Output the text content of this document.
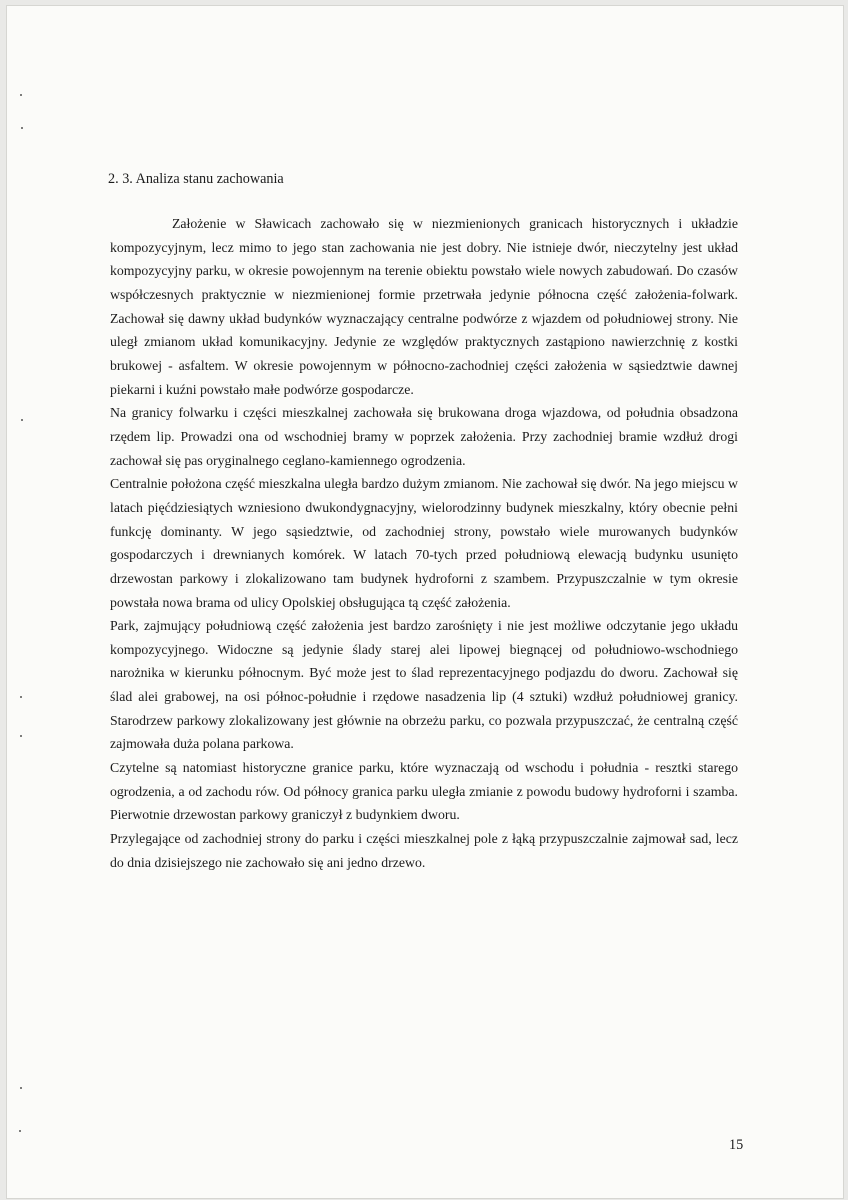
2. 3. Analiza stanu zachowania

Założenie w Sławicach zachowało się w niezmienionych granicach historycznych i układzie kompozycyjnym, lecz mimo to jego stan zachowania nie jest dobry. Nie istnieje dwór, nieczytelny jest układ kompozycyjny parku, w okresie powojennym na terenie obiektu powstało wiele nowych zabudowań. Do czasów współczesnych praktycznie w niezmienionej formie przetrwała jedynie północna część założenia-folwark. Zachował się dawny układ budynków wyznaczający centralne podwórze z wjazdem od południowej strony. Nie uległ zmianom układ komunikacyjny. Jedynie ze względów praktycznych zastąpiono nawierzchnię z kostki brukowej - asfaltem. W okresie powojennym w północno-zachodniej części założenia w sąsiedztwie dawnej piekarni i kuźni powstało małe podwórze gospodarcze.

Na granicy folwarku i części mieszkalnej zachowała się brukowana droga wjazdowa, od południa obsadzona rzędem lip. Prowadzi ona od wschodniej bramy w poprzek założenia. Przy zachodniej bramie wzdłuż drogi zachował się pas oryginalnego ceglano-kamiennego ogrodzenia.

Centralnie położona część mieszkalna uległa bardzo dużym zmianom. Nie zachował się dwór. Na jego miejscu w latach pięćdziesiątych wzniesiono dwukondygnacyjny, wielorodzinny budynek mieszkalny, który obecnie pełni funkcję dominanty. W jego sąsiedztwie, od zachodniej strony, powstało wiele murowanych budynków gospodarczych i drewnianych komórek. W latach 70-tych przed południową elewacją budynku usunięto drzewostan parkowy i zlokalizowano tam budynek hydroforni z szambem. Przypuszczalnie w tym okresie powstała nowa brama od ulicy Opolskiej obsługująca tą część założenia.

Park, zajmujący południową część założenia jest bardzo zarośnięty i nie jest możliwe odczytanie jego układu kompozycyjnego. Widoczne są jedynie ślady starej alei lipowej biegnącej od południowo-wschodniego narożnika w kierunku północnym. Być może jest to ślad reprezentacyjnego podjazdu do dworu. Zachował się ślad alei grabowej, na osi północ-południe i rzędowe nasadzenia lip (4 sztuki) wzdłuż południowej granicy. Starodrzew parkowy zlokalizowany jest głównie na obrzeżu parku, co pozwala przypuszczać, że centralną część zajmowała duża polana parkowa.

Czytelne są natomiast historyczne granice parku, które wyznaczają od wschodu i południa - resztki starego ogrodzenia, a od zachodu rów. Od północy granica parku uległa zmianie z powodu budowy hydroforni i szamba. Pierwotnie drzewostan parkowy graniczył z budynkiem dworu.

Przylegające od zachodniej strony do parku i części mieszkalnej pole z łąką przypuszczalnie zajmował sad, lecz do dnia dzisiejszego nie zachowało się ani jedno drzewo.

15
